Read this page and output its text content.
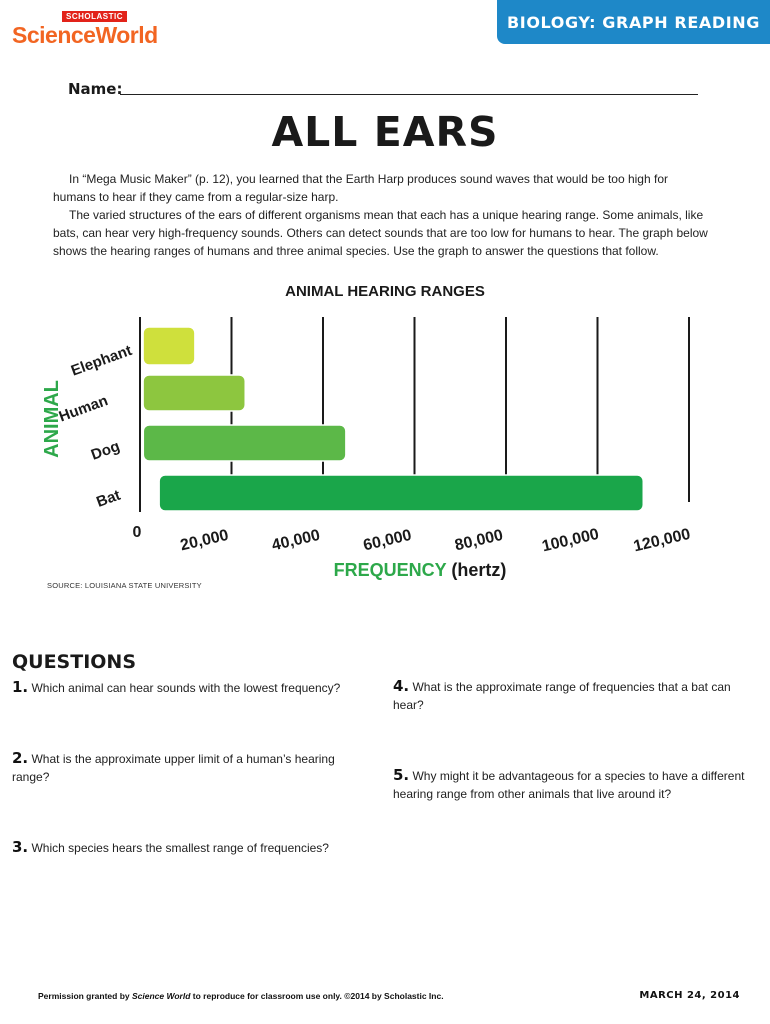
SCHOLASTIC
ScienceWorld	BIOLOGY: GRAPH READING
Name:
ALL EARS

In “Mega Music Maker” (p. 12), you learned that the Earth Harp produces sound waves that would be too high for humans to hear if they came from a regular-size harp.

The varied structures of the ears of different organisms mean that each has a unique hearing range. Some animals, like bats, can hear very high-frequency sounds. Others can detect sounds that are too low for humans to hear. The graph below shows the hearing ranges of humans and three animal species. Use the graph to answer the questions that follow.

ANIMAL HEARING RANGES
Elephant
Human
Dog
Bat
ANIMAL
0 20,000 40,000 60,000 80,000 100,000 120,000
FREQUENCY (hertz)
SOURCE: LOUISIANA STATE UNIVERSITY
QUESTIONS
1. Which animal can hear sounds with the lowest frequency?
2. What is the approximate upper limit of a human’s hearing range?
3. Which species hears the smallest range of frequencies?
4. What is the approximate range of frequencies that a bat can hear?
5. Why might it be advantageous for a species to have a different hearing range from other animals that live around it?
Permission granted by Science World to reproduce for classroom use only. ©2014 by Scholastic Inc.	MARCH 24, 2014
